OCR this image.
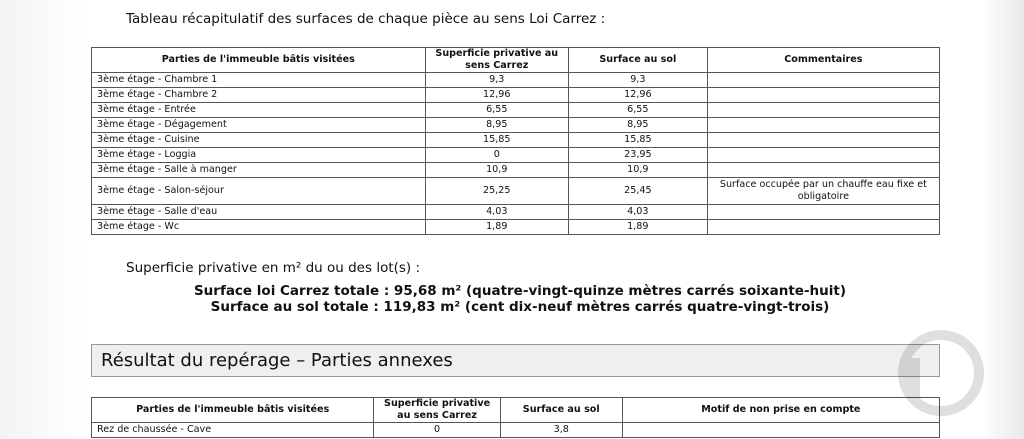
Tableau récapitulatif des surfaces de chaque pièce au sens Loi Carrez :
Parties de l'immeuble bâtis visitées	Superficie privative au sens Carrez	Surface au sol	Commentaires
3ème étage - Chambre 1	9,3	9,3	
3ème étage - Chambre 2	12,96	12,96	
3ème étage - Entrée	6,55	6,55	
3ème étage - Dégagement	8,95	8,95	
3ème étage - Cuisine	15,85	15,85	
3ème étage - Loggia	0	23,95	
3ème étage - Salle à manger	10,9	10,9	
3ème étage - Salon-séjour	25,25	25,45	Surface occupée par un chauffe eau fixe et obligatoire
3ème étage - Salle d'eau	4,03	4,03	
3ème étage - Wc	1,89	1,89	
Superficie privative en m² du ou des lot(s) :
Surface loi Carrez totale : 95,68 m² (quatre-vingt-quinze mètres carrés soixante-huit)
Surface au sol totale : 119,83 m² (cent dix-neuf mètres carrés quatre-vingt-trois)
Résultat du repérage – Parties annexes
Parties de l'immeuble bâtis visitées	Superficie privative au sens Carrez	Surface au sol	Motif de non prise en compte
Rez de chaussée - Cave	0	3,8	
